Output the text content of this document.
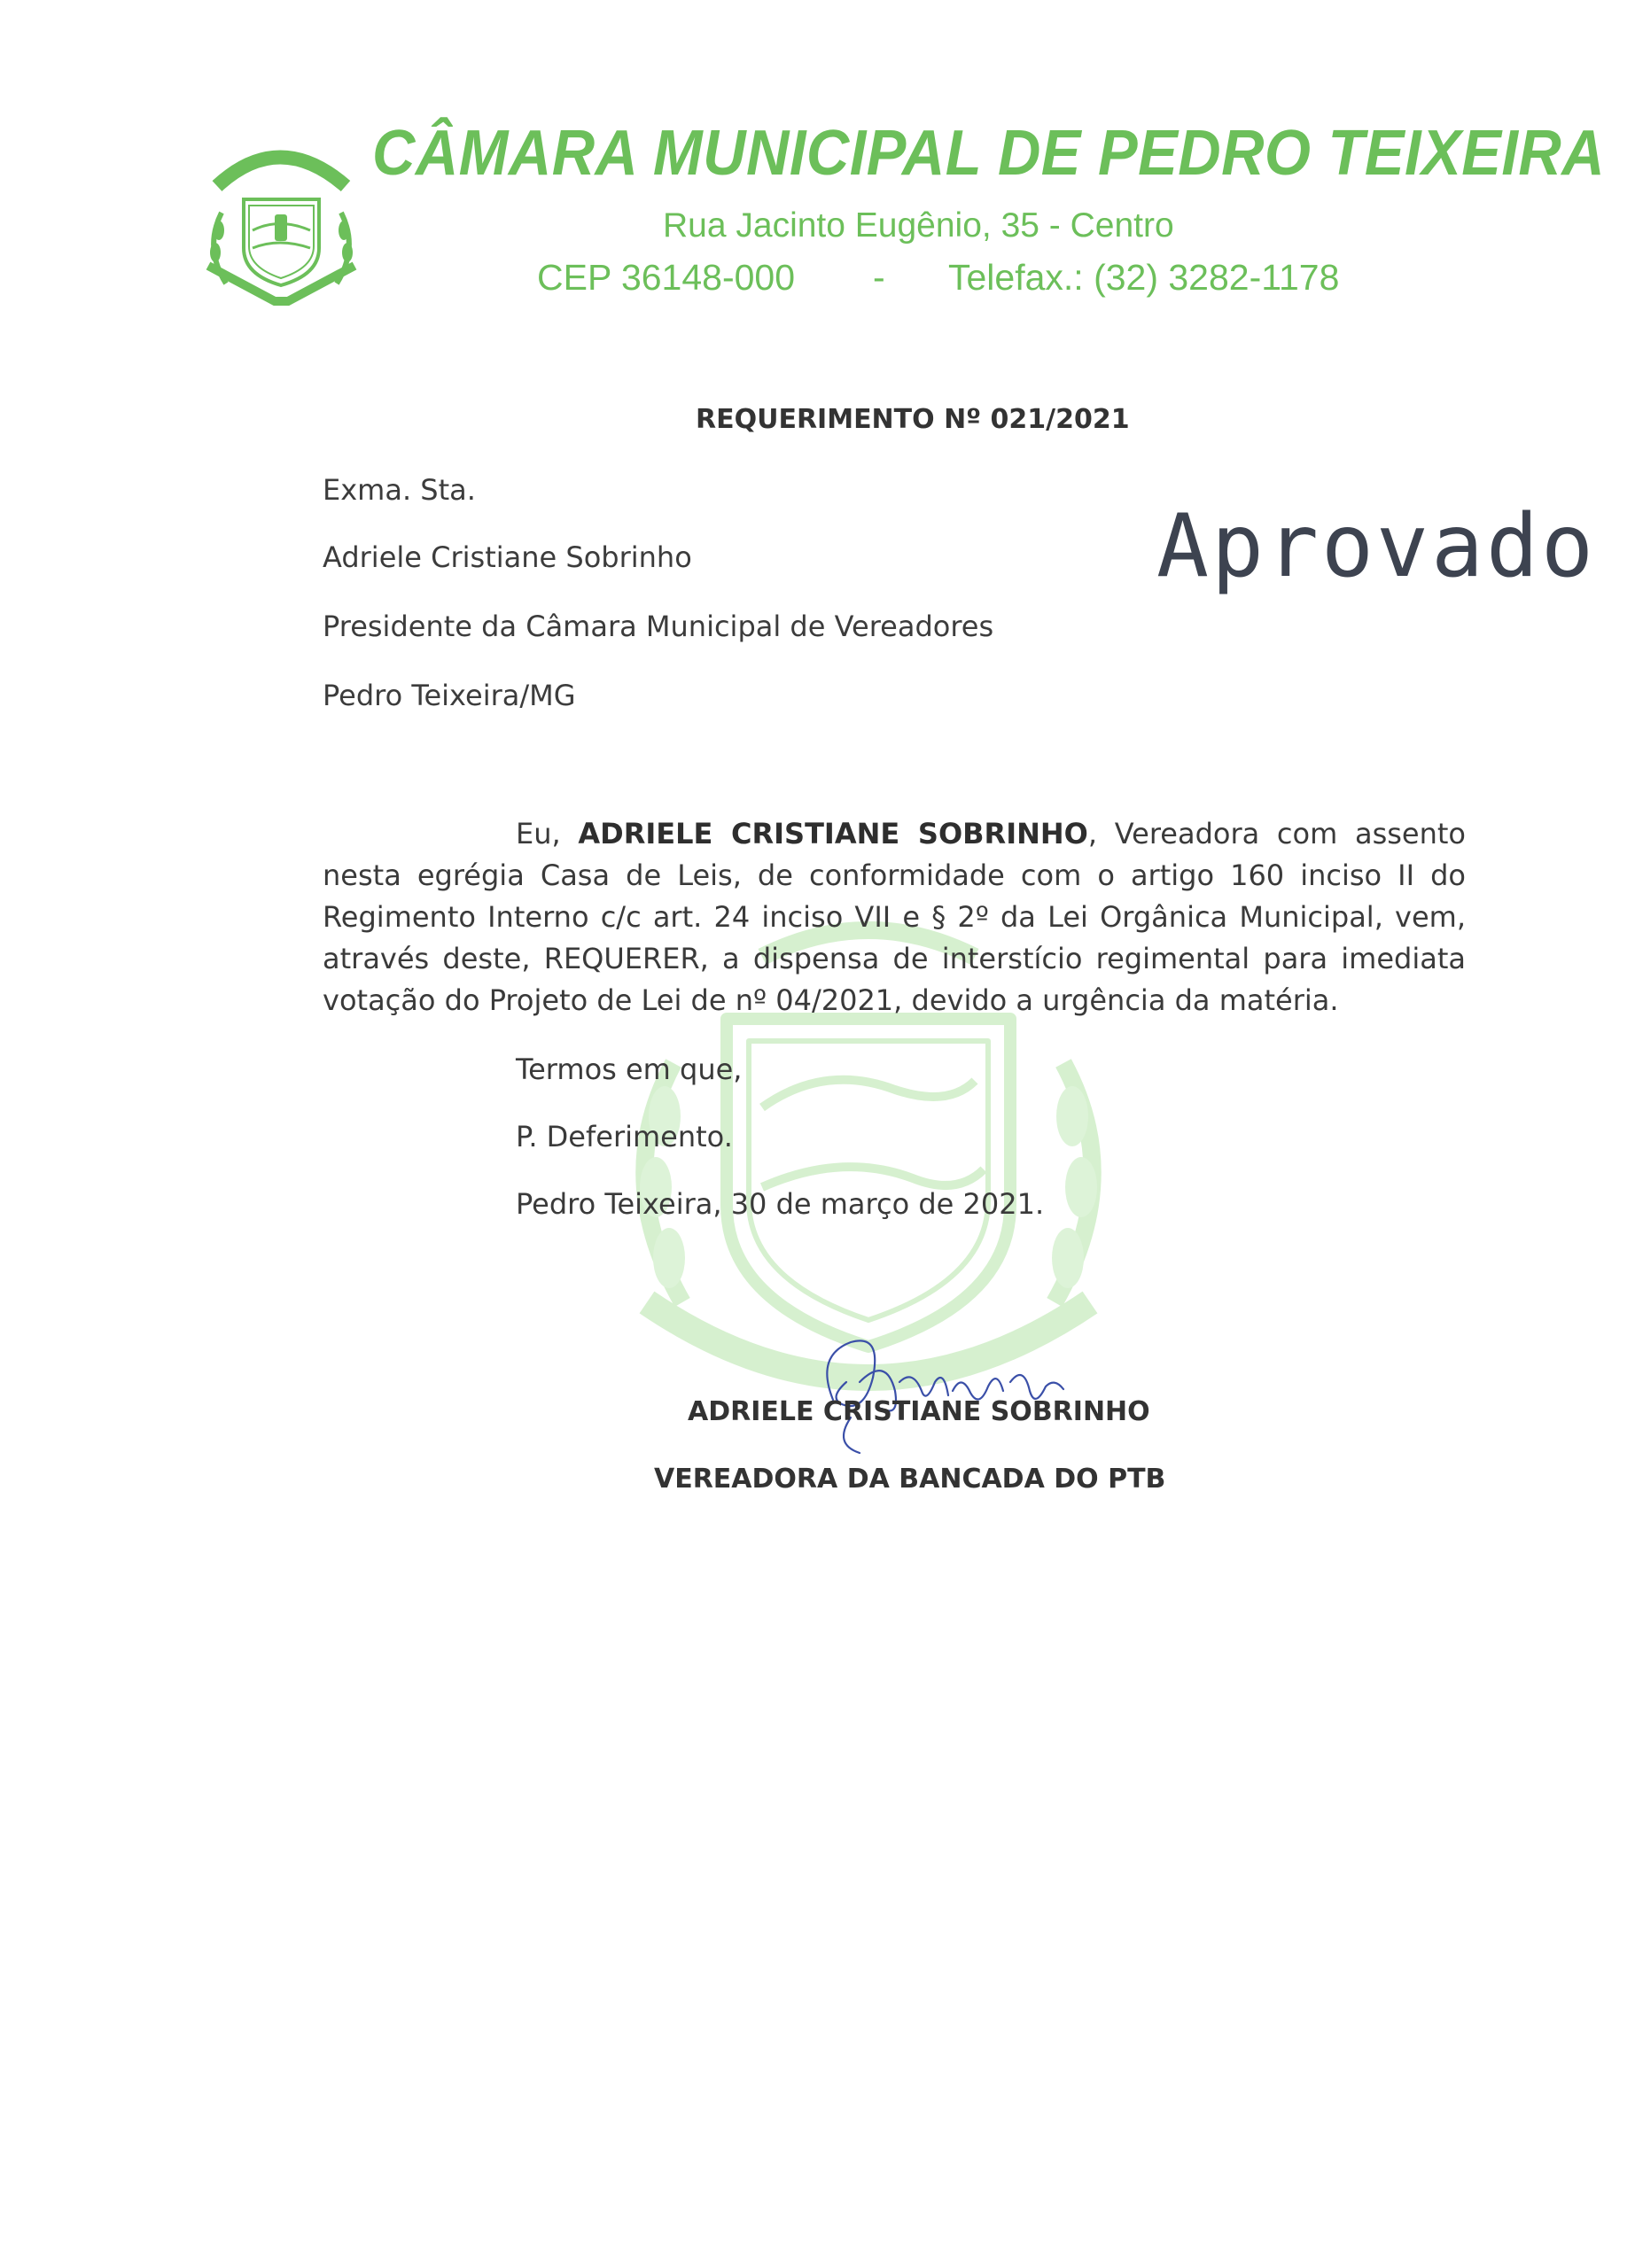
CÂMARA MUNICIPAL DE PEDRO TEIXEIRA
Rua Jacinto Eugênio, 35 - Centro
CEP 36148-000 - Telefax.: (32) 3282-1178
REQUERIMENTO Nº 021/2021
Exma. Sta.
Adriele Cristiane Sobrinho
Presidente da Câmara Municipal de Vereadores
Pedro Teixeira/MG
Aprovado
Eu, ADRIELE CRISTIANE SOBRINHO, Vereadora com assento nesta egrégia Casa de Leis, de conformidade com o artigo 160 inciso II do Regimento Interno c/c art. 24 inciso VII e § 2º da Lei Orgânica Municipal, vem, através deste, REQUERER, a dispensa de interstício regimental para imediata votação do Projeto de Lei de nº 04/2021, devido a urgência da matéria.
Termos em que,
P. Deferimento.
Pedro Teixeira, 30 de março de 2021.
ADRIELE CRISTIANE SOBRINHO
VEREADORA DA BANCADA DO PTB
